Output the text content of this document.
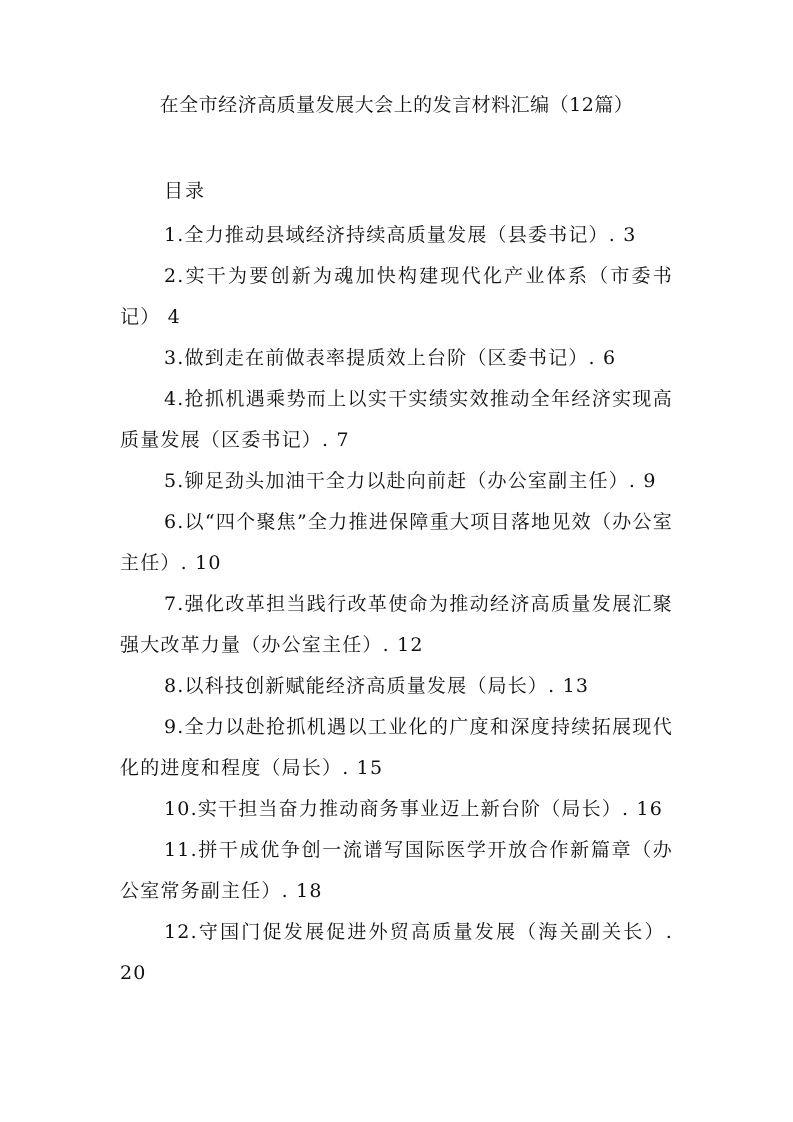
在全市经济高质量发展大会上的发言材料汇编（12篇）
目录

1.全力推动县域经济持续高质量发展（县委书记）. 3

2.实干为要创新为魂加快构建现代化产业体系（市委书记） 4

3.做到走在前做表率提质效上台阶（区委书记）. 6

4.抢抓机遇乘势而上以实干实绩实效推动全年经济实现高质量发展（区委书记）. 7

5.铆足劲头加油干全力以赴向前赶（办公室副主任）. 9

6.以“四个聚焦”全力推进保障重大项目落地见效（办公室主任）. 10

7.强化改革担当践行改革使命为推动经济高质量发展汇聚强大改革力量（办公室主任）. 12

8.以科技创新赋能经济高质量发展（局长）. 13

9.全力以赴抢抓机遇以工业化的广度和深度持续拓展现代化的进度和程度（局长）. 15

10.实干担当奋力推动商务事业迈上新台阶（局长）. 16

11.拼干成优争创一流谱写国际医学开放合作新篇章（办公室常务副主任）. 18

12.守国门促发展促进外贸高质量发展（海关副关长）. 20
